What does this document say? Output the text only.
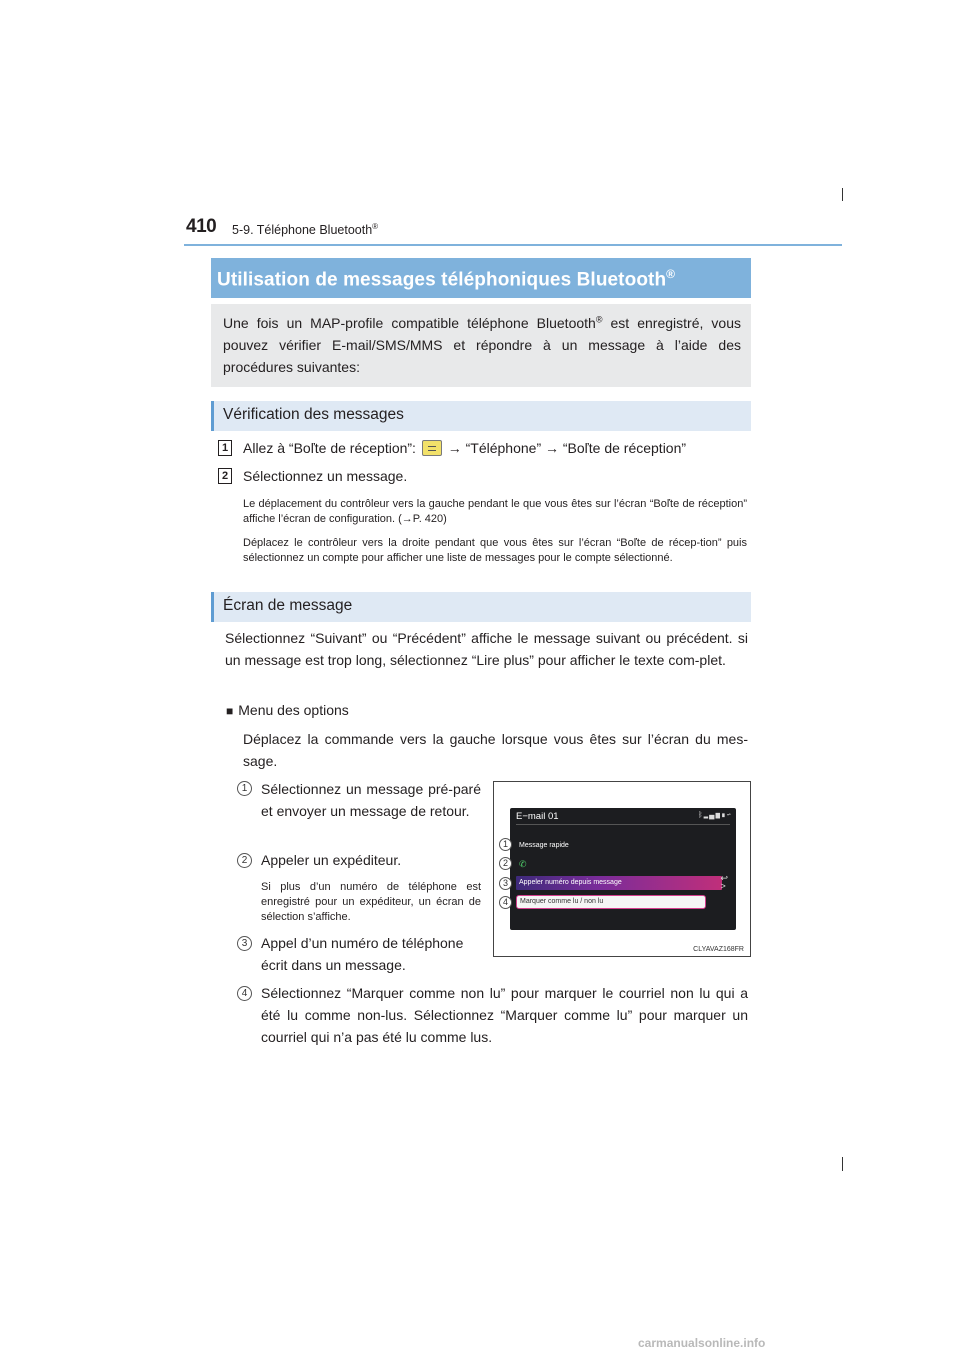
410 5-9. Téléphone Bluetooth®
Utilisation de messages téléphoniques Bluetooth®
Une fois un MAP-profile compatible téléphone Bluetooth® est enregistré, vous pouvez vérifier E-mail/SMS/MMS et répondre à un message à l’aide des procédures suivantes:
Vérification des messages
1 Allez à “Boľte de réception”:  → “Téléphone” → “Boľte de réception”
2 Sélectionnez un message.
Le déplacement du contrôleur vers la gauche pendant le que vous êtes sur l’écran “Boľte de réception” affiche l’écran de configuration. (→P. 420)
Déplacez le contrôleur vers la droite pendant que vous êtes sur l’écran “Boľte de récep-tion” puis sélectionnez un compte pour afficher une liste de messages pour le compte sélectionné.
Écran de message
Sélectionnez “Suivant” ou “Précédent” affiche le message suivant ou précédent. si un message est trop long, sélectionnez “Lire plus” pour afficher le texte com-plet.
■ Menu des options
Déplacez la commande vers la gauche lorsque vous êtes sur l’écran du mes-sage.
1 Sélectionnez un message pré-paré et envoyer un message de retour.
2 Appeler un expéditeur.
Si plus d’un numéro de téléphone est enregistré pour un expéditeur, un écran de sélection s’affiche.
3 Appel d’un numéro de téléphone écrit dans un message.
4 Sélectionnez “Marquer comme non lu” pour marquer le courriel non lu qui a été lu comme non-lus. Sélectionnez “Marquer comme lu” pour marquer un courriel qui n’a pas été lu comme lus.
E−mail 01	ᛒ▂▄▆▮↩
Message rapide
✆
Appeler numéro depuis message
Marquer comme lu / non lu
↩
>
1
2
3
4
CLYAVAZ168FR
carmanualsonline.info
